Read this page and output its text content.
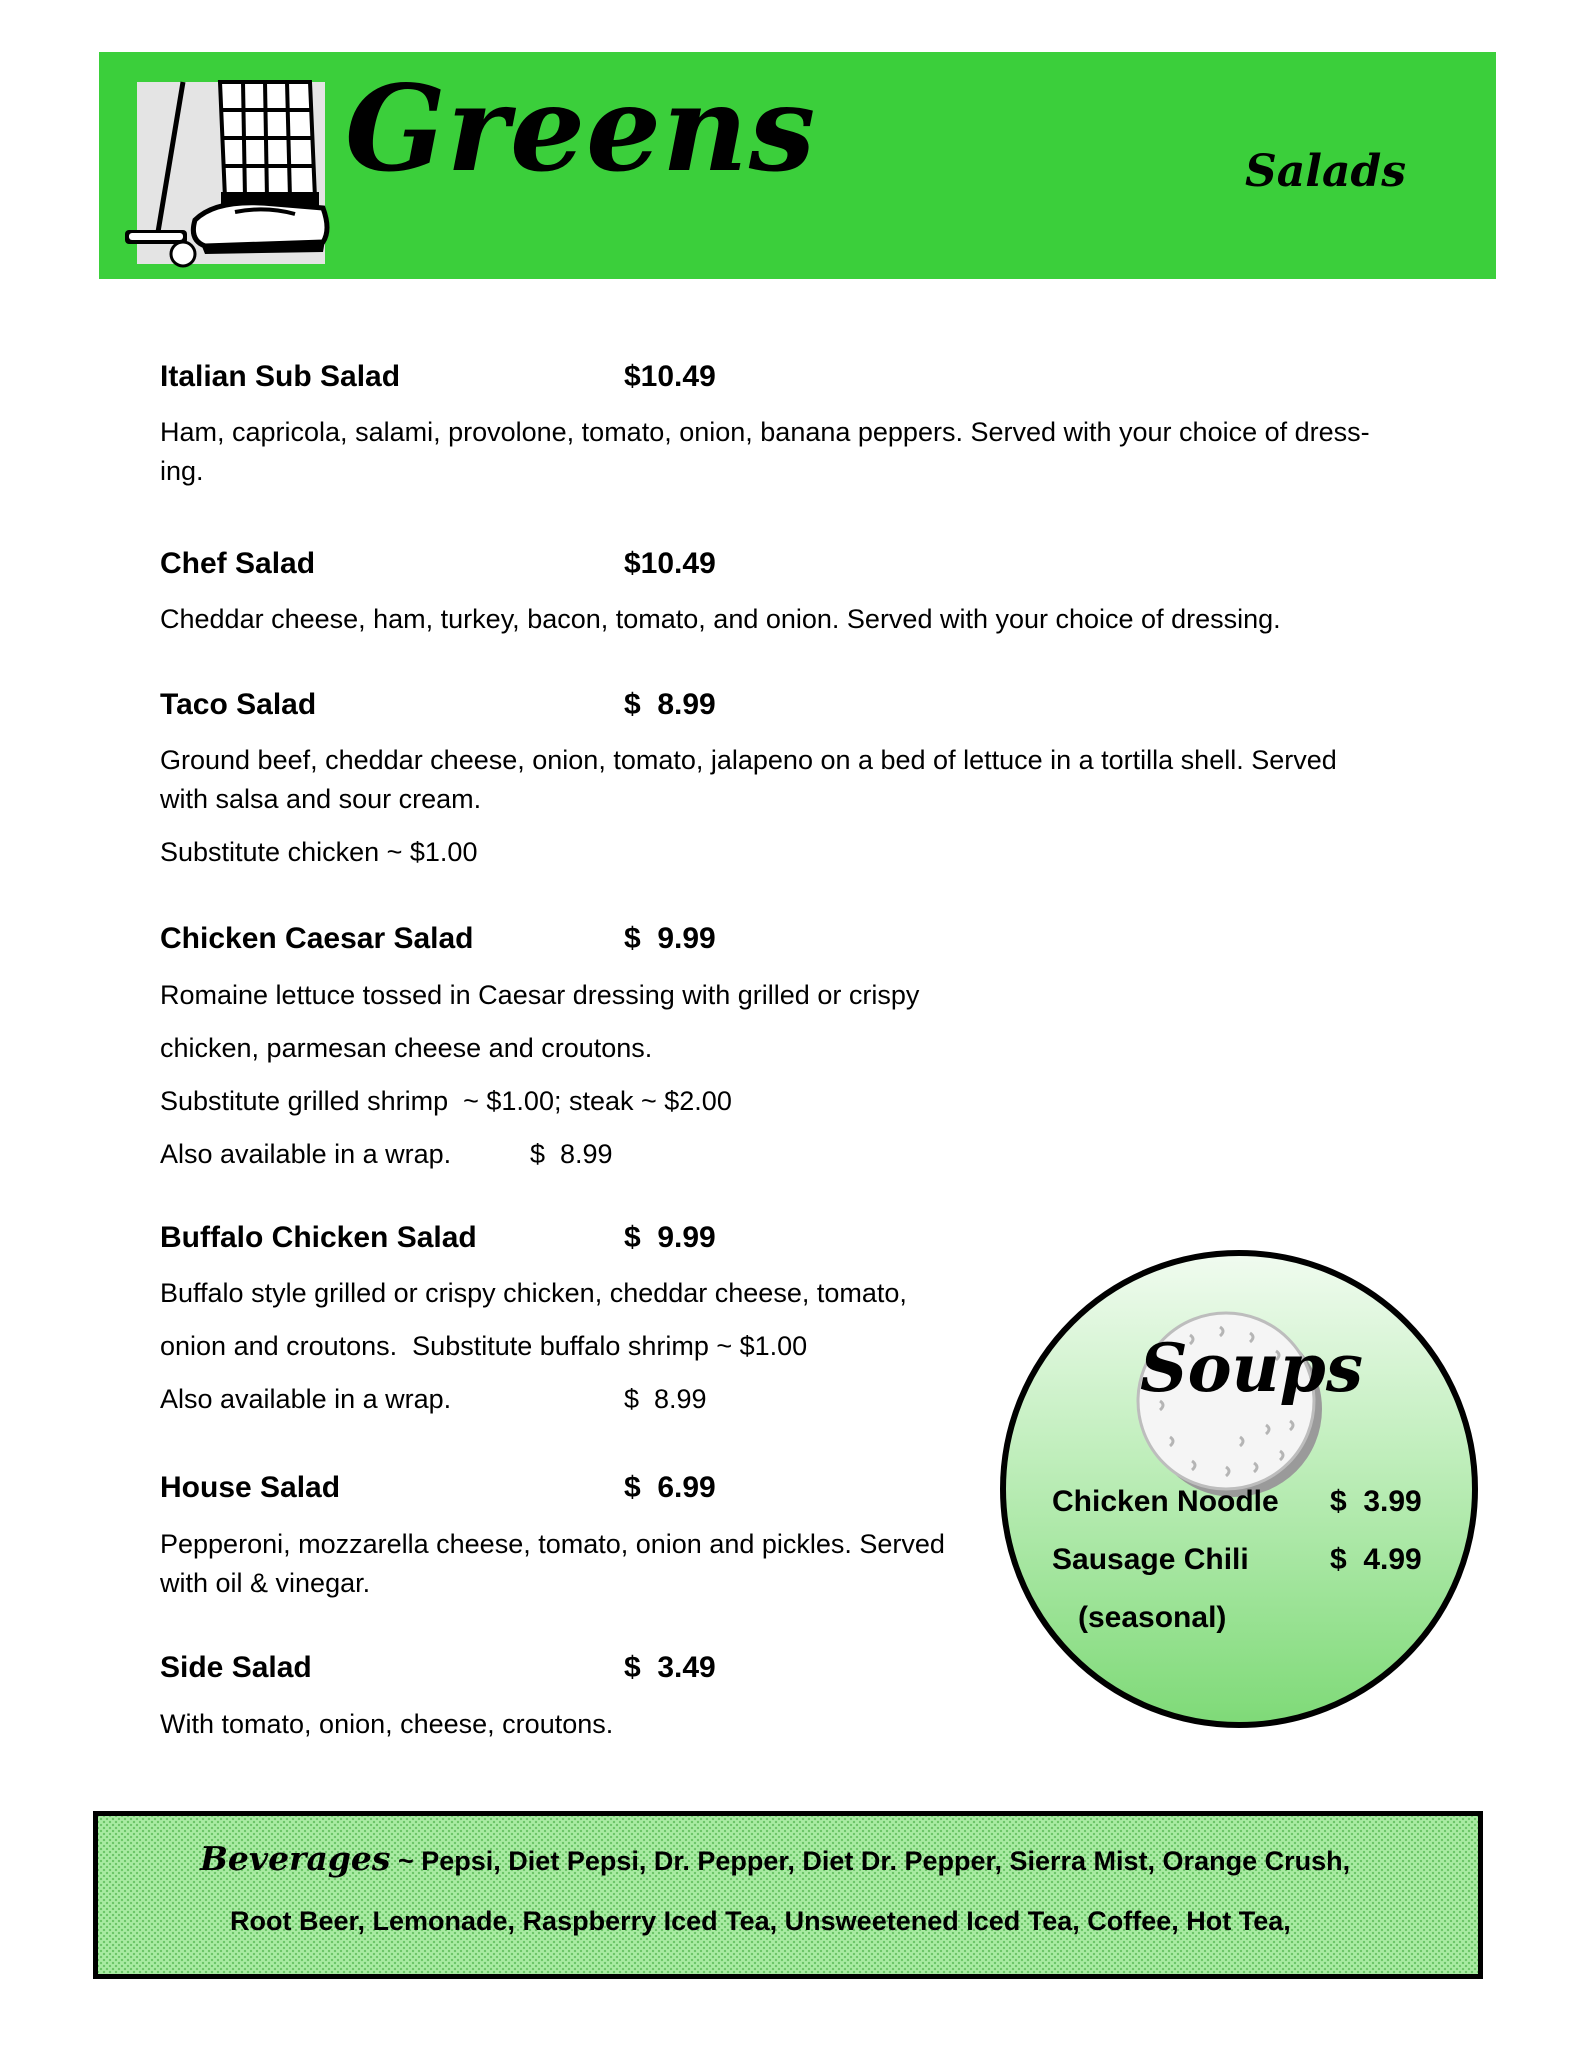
Greens	Salads
Italian Sub Salad	$10.49
Ham, capricola, salami, provolone, tomato, onion, banana peppers. Served with your choice of dress-
ing.
Chef Salad	$10.49
Cheddar cheese, ham, turkey, bacon, tomato, and onion. Served with your choice of dressing.
Taco Salad	$  8.99
Ground beef, cheddar cheese, onion, tomato, jalapeno on a bed of lettuce in a tortilla shell. Served
with salsa and sour cream.
Substitute chicken ~ $1.00
Chicken Caesar Salad	$  9.99
Romaine lettuce tossed in Caesar dressing with grilled or crispy
chicken, parmesan cheese and croutons.
Substitute grilled shrimp  ~ $1.00; steak ~ $2.00
Also available in a wrap.	$  8.99
Buffalo Chicken Salad	$  9.99
Buffalo style grilled or crispy chicken, cheddar cheese, tomato,
onion and croutons.  Substitute buffalo shrimp ~ $1.00
Also available in a wrap.	$  8.99
House Salad	$  6.99
Pepperoni, mozzarella cheese, tomato, onion and pickles. Served
with oil & vinegar.
Side Salad	$  3.49
With tomato, onion, cheese, croutons.
Soups
Chicken Noodle $  3.99
Sausage Chili	$  4.99
(seasonal)
Beverages ~ Pepsi, Diet Pepsi, Dr. Pepper, Diet Dr. Pepper, Sierra Mist, Orange Crush,
Root Beer, Lemonade, Raspberry Iced Tea, Unsweetened Iced Tea, Coffee, Hot Tea,
